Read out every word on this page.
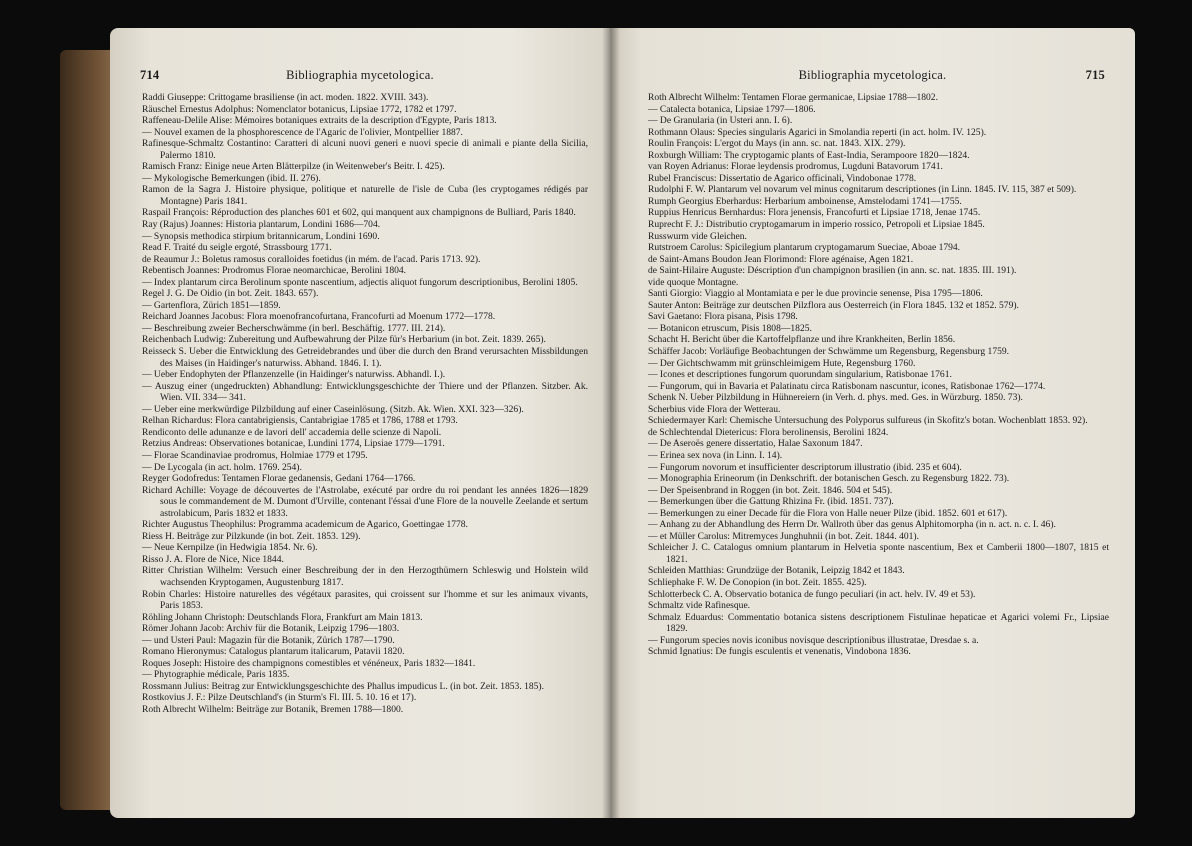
714	Bibliographia mycetologica.
Raddi Giuseppe: Crittogame brasiliense (in act. moden. 1822. XVIII. 343).
Räuschel Ernestus Adolphus: Nomenclator botanicus, Lipsiae 1772, 1782 et 1797.
Raffeneau-Delile Alise: Mémoires botaniques extraits de la description d'Egypte, Paris 1813.
— Nouvel examen de la phosphorescence de l'Agaric de l'olivier, Montpellier 1887.
Rafinesque-Schmaltz Costantino: Caratteri di alcuni nuovi generi e nuovi specie di animali e piante della Sicilia, Palermo 1810.
Ramisch Franz: Einige neue Arten Blätterpilze (in Weitenweber's Beitr. I. 425).
— Mykologische Bemerkungen (ibid. II. 276).
Ramon de la Sagra J. Histoire physique, politique et naturelle de l'isle de Cuba (les cryptogames rédigés par Montagne) Paris 1841.
Raspail François: Réproduction des planches 601 et 602, qui manquent aux champignons de Bulliard, Paris 1840.
Ray (Rajus) Joannes: Historia plantarum, Londini 1686—704.
— Synopsis methodica stirpium britannicarum, Londini 1690.
Read F. Traité du seigle ergoté, Strassbourg 1771.
de Reaumur J.: Boletus ramosus coralloides foetidus (in mém. de l'acad. Paris 1713. 92).
Rebentisch Joannes: Prodromus Florae neomarchicae, Berolini 1804.
— Index plantarum circa Berolinum sponte nascentium, adjectis aliquot fungorum descriptionibus, Berolini 1805.
Regel J. G. De Oidio (in bot. Zeit. 1843. 657).
— Gartenflora, Zürich 1851—1859.
Reichard Joannes Jacobus: Flora moenofrancofurtana, Francofurti ad Moenum 1772—1778.
— Beschreibung zweier Becherschwämme (in berl. Beschäftig. 1777. III. 214).
Reichenbach Ludwig: Zubereitung und Aufbewahrung der Pilze für's Herbarium (in bot. Zeit. 1839. 265).
Reisseck S. Ueber die Entwicklung des Getreidebrandes und über die durch den Brand verursachten Missbildungen des Maises (in Haidinger's naturwiss. Abhand. 1846. I. 1).
— Ueber Endophyten der Pflanzenzelle (in Haidinger's naturwiss. Abhandl. I.).
— Auszug einer (ungedruckten) Abhandlung: Entwicklungsgeschichte der Thiere und der Pflanzen. Sitzber. Ak. Wien. VII. 334— 341.
— Ueber eine merkwürdige Pilzbildung auf einer Caseinlösung. (Sitzb. Ak. Wien. XXI. 323—326).
Relhan Richardus: Flora cantabrigiensis, Cantabrigiae 1785 et 1786, 1788 et 1793.
Rendiconto delle adunanze e de lavori dell' accademia delle scienze di Napoli.
Retzius Andreas: Observationes botanicae, Lundini 1774, Lipsiae 1779—1791.
— Florae Scandinaviae prodromus, Holmiae 1779 et 1795.
— De Lycogala (in act. holm. 1769. 254).
Reyger Godofredus: Tentamen Florae gedanensis, Gedani 1764—1766.
Richard Achille: Voyage de découvertes de l'Astrolabe, exécuté par ordre du roi pendant les années 1826—1829 sous le commandement de M. Dumont d'Urville, contenant l'éssai d'une Flore de la nouvelle Zeelande et sertum astrolabicum, Paris 1832 et 1833.
Richter Augustus Theophilus: Programma academicum de Agarico, Goettingae 1778.
Riess H. Beiträge zur Pilzkunde (in bot. Zeit. 1853. 129).
— Neue Kernpilze (in Hedwigia 1854. Nr. 6).
Risso J. A. Flore de Nice, Nice 1844.
Ritter Christian Wilhelm: Versuch einer Beschreibung der in den Herzogthümern Schleswig und Holstein wild wachsenden Kryptogamen, Augustenburg 1817.
Robin Charles: Histoire naturelles des végétaux parasites, qui croissent sur l'homme et sur les animaux vivants, Paris 1853.
Röhling Johann Christoph: Deutschlands Flora, Frankfurt am Main 1813.
Römer Johann Jacob: Archiv für die Botanik, Leipzig 1796—1803.
— und Usteri Paul: Magazin für die Botanik, Zürich 1787—1790.
Romano Hieronymus: Catalogus plantarum italicarum, Patavii 1820.
Roques Joseph: Histoire des champignons comestibles et vénéneux, Paris 1832—1841.
— Phytographie médicale, Paris 1835.
Rossmann Julius: Beitrag zur Entwicklungsgeschichte des Phallus impudicus L. (in bot. Zeit. 1853. 185).
Rostkovius J. F.: Pilze Deutschland's (in Sturm's Fl. III. 5. 10. 16 et 17).
Roth Albrecht Wilhelm: Beiträge zur Botanik, Bremen 1788—1800.
Bibliographia mycetologica.	715
Roth Albrecht Wilhelm: Tentamen Florae germanicae, Lipsiae 1788—1802.
— Catalecta botanica, Lipsiae 1797—1806.
— De Granularia (in Usteri ann. I. 6).
Rothmann Olaus: Species singularis Agarici in Smolandia reperti (in act. holm. IV. 125).
Roulin François: L'ergot du Mays (in ann. sc. nat. 1843. XIX. 279).
Roxburgh William: The cryptogamic plants of East-India, Serampoore 1820—1824.
van Royen Adrianus: Florae leydensis prodromus, Lugduni Batavorum 1741.
Rubel Franciscus: Dissertatio de Agarico officinali, Vindobonae 1778.
Rudolphi F. W. Plantarum vel novarum vel minus cognitarum descriptiones (in Linn. 1845. IV. 115, 387 et 509).
Rumph Georgius Eberhardus: Herbarium amboinense, Amstelodami 1741—1755.
Ruppius Henricus Bernhardus: Flora jenensis, Francofurti et Lipsiae 1718, Jenae 1745.
Ruprecht F. J.: Distributio cryptogamarum in imperio rossico, Petropoli et Lipsiae 1845.
Russwurm vide Gleichen.
Rutstroem Carolus: Spicilegium plantarum cryptogamarum Sueciae, Aboae 1794.
de Saint-Amans Boudon Jean Florimond: Flore agénaise, Agen 1821.
de Saint-Hilaire Auguste: Déscription d'un champignon brasilien (in ann. sc. nat. 1835. III. 191).
vide quoque Montagne.
Santi Giorgio: Viaggio al Montamiata e per le due provincie senense, Pisa 1795—1806.
Sauter Anton: Beiträge zur deutschen Pilzflora aus Oesterreich (in Flora 1845. 132 et 1852. 579).
Savi Gaetano: Flora pisana, Pisis 1798.
— Botanicon etruscum, Pisis 1808—1825.
Schacht H. Bericht über die Kartoffelpflanze und ihre Krankheiten, Berlin 1856.
Schäffer Jacob: Vorläufige Beobachtungen der Schwämme um Regensburg, Regensburg 1759.
— Der Gichtschwamm mit grünschleimigem Hute, Regensburg 1760.
— Icones et descriptiones fungorum quorundam singularium, Ratisbonae 1761.
— Fungorum, qui in Bavaria et Palatinatu circa Ratisbonam nascuntur, icones, Ratisbonae 1762—1774.
Schenk N. Ueber Pilzbildung in Hühnereiern (in Verh. d. phys. med. Ges. in Würzburg. 1850. 73).
Scherbius vide Flora der Wetterau.
Schiedermayer Karl: Chemische Untersuchung des Polyporus sulfureus (in Skofitz's botan. Wochenblatt 1853. 92).
de Schlechtendal Dietericus: Flora berolinensis, Berolini 1824.
— De Aseroës genere dissertatio, Halae Saxonum 1847.
— Erinea sex nova (in Linn. I. 14).
— Fungorum novorum et insufficienter descriptorum illustratio (ibid. 235 et 604).
— Monographia Erineorum (in Denkschrift. der botanischen Gesch. zu Regensburg 1822. 73).
— Der Speisenbrand in Roggen (in bot. Zeit. 1846. 504 et 545).
— Bemerkungen über die Gattung Rhizina Fr. (ibid. 1851. 737).
— Bemerkungen zu einer Decade für die Flora von Halle neuer Pilze (ibid. 1852. 601 et 617).
— Anhang zu der Abhandlung des Herrn Dr. Wallroth über das genus Alphitomorpha (in n. act. n. c. I. 46).
— et Müller Carolus: Mitremyces Junghuhnii (in bot. Zeit. 1844. 401).
Schleicher J. C. Catalogus omnium plantarum in Helvetia sponte nascentium, Bex et Camberii 1800—1807, 1815 et 1821.
Schleiden Matthias: Grundzüge der Botanik, Leipzig 1842 et 1843.
Schliephake F. W. De Conopion (in bot. Zeit. 1855. 425).
Schlotterbeck C. A. Observatio botanica de fungo peculiari (in act. helv. IV. 49 et 53).
Schmaltz vide Rafinesque.
Schmalz Eduardus: Commentatio botanica sistens descriptionem Fistulinae hepaticae et Agarici volemi Fr., Lipsiae 1829.
— Fungorum species novis iconibus novisque descriptionibus illustratae, Dresdae s. a.
Schmid Ignatius: De fungis esculentis et venenatis, Vindobona 1836.
